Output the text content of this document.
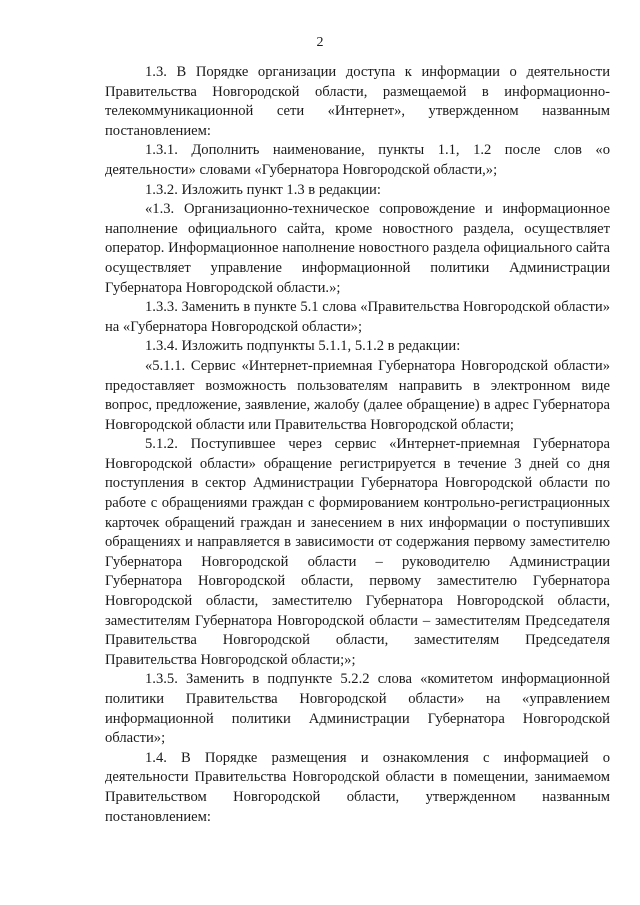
2

1.3. В Порядке организации доступа к информации о деятельности Правительства Новгородской области, размещаемой в информационно-телекоммуникационной сети «Интернет», утвержденном названным постановлением:

1.3.1. Дополнить наименование, пункты 1.1, 1.2 после слов «о деятельности» словами «Губернатора Новгородской области,»;

1.3.2. Изложить пункт 1.3 в редакции:

«1.3. Организационно-техническое сопровождение и информационное наполнение официального сайта, кроме новостного раздела, осуществляет оператор. Информационное наполнение новостного раздела официального сайта осуществляет управление информационной политики Администрации Губернатора Новгородской области.»;

1.3.3. Заменить в пункте 5.1 слова «Правительства Новгородской области» на «Губернатора Новгородской области»;

1.3.4. Изложить подпункты 5.1.1, 5.1.2 в редакции:

«5.1.1. Сервис «Интернет-приемная Губернатора Новгородской области» предоставляет возможность пользователям направить в электронном виде вопрос, предложение, заявление, жалобу (далее обращение) в адрес Губернатора Новгородской области или Правительства Новгородской области;

5.1.2. Поступившее через сервис «Интернет-приемная Губернатора Новгородской области» обращение регистрируется в течение 3 дней со дня поступления в сектор Администрации Губернатора Новгородской области по работе с обращениями граждан с формированием контрольно-регистрационных карточек обращений граждан и занесением в них информации о поступивших обращениях и направляется в зависимости от содержания первому заместителю Губернатора Новгородской области – руководителю Администрации Губернатора Новгородской области, первому заместителю Губернатора Новгородской области, заместителю Губернатора Новгородской области, заместителям Губернатора Новгородской области – заместителям Председателя Правительства Новгородской области, заместителям Председателя Правительства Новгородской области;»;

1.3.5. Заменить в подпункте 5.2.2 слова «комитетом информационной политики Правительства Новгородской области» на «управлением информационной политики Администрации Губернатора Новгородской области»;

1.4. В Порядке размещения и ознакомления с информацией о деятельности Правительства Новгородской области в помещении, занимаемом Правительством Новгородской области, утвержденном названным постановлением:
